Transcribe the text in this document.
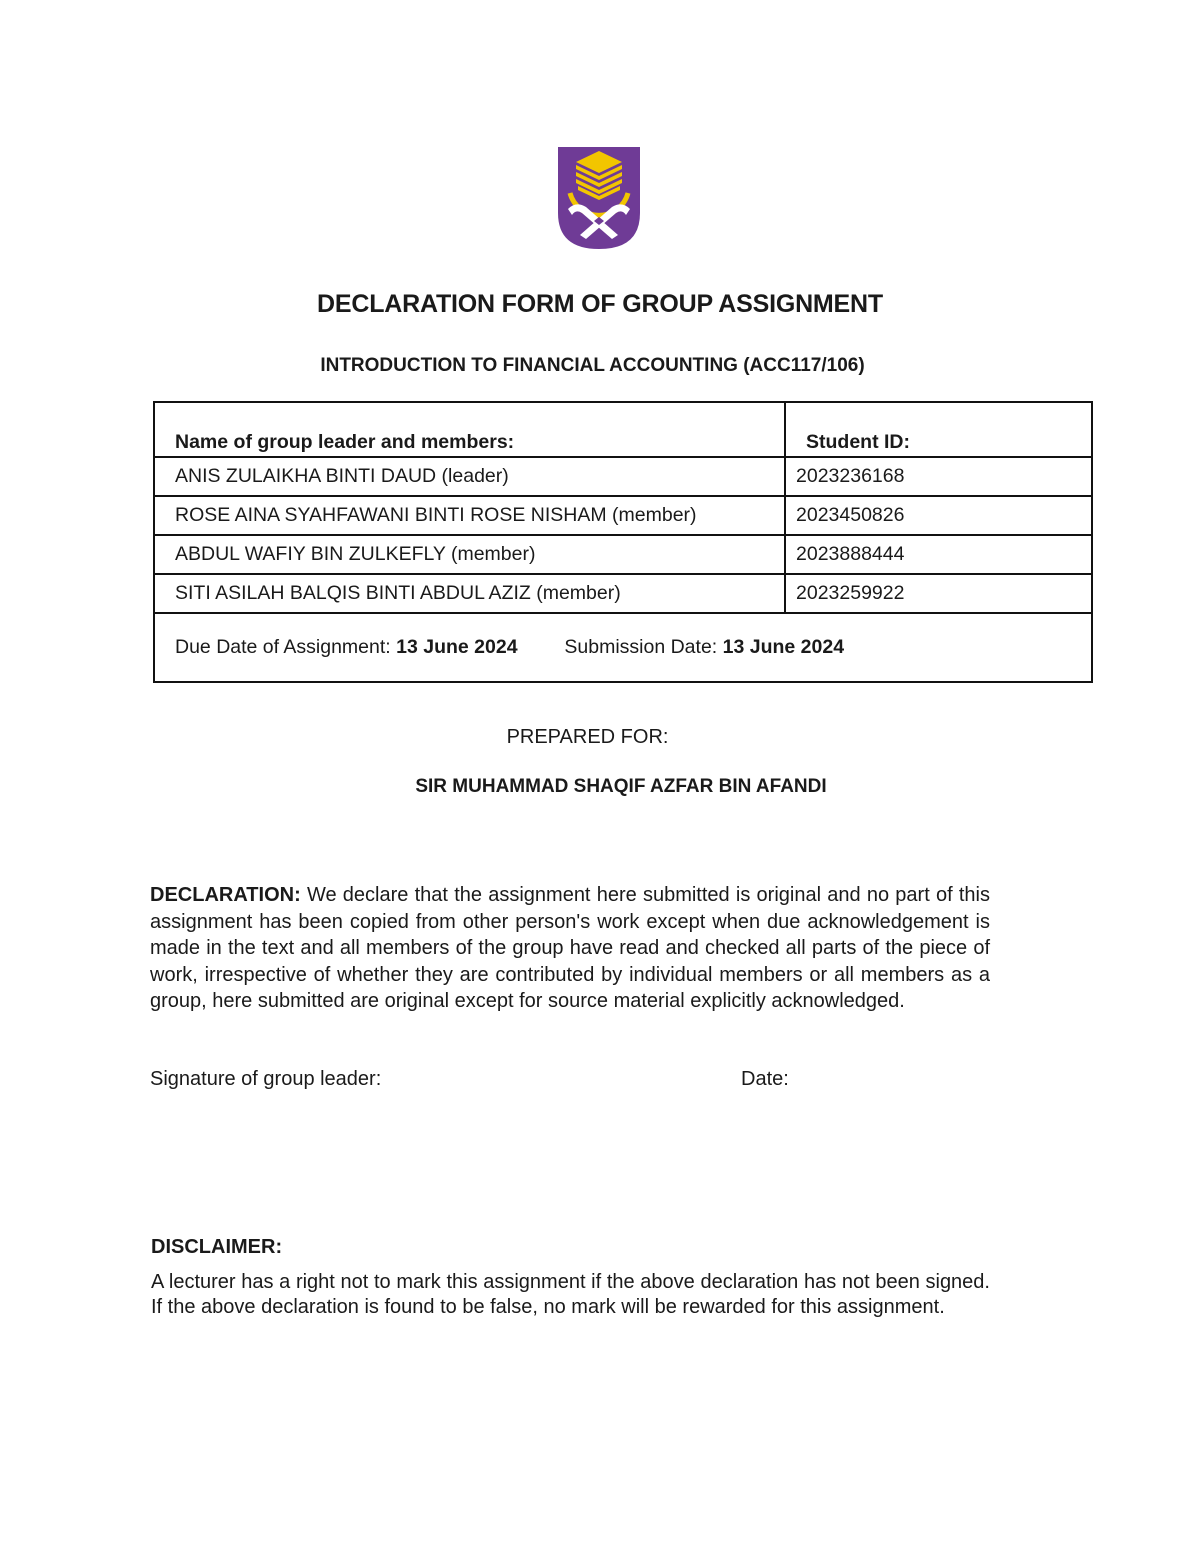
DECLARATION FORM OF GROUP ASSIGNMENT
INTRODUCTION TO FINANCIAL ACCOUNTING (ACC117/106)
Name of group leader and members:	Student ID:
ANIS ZULAIKHA BINTI DAUD (leader)	2023236168
ROSE AINA SYAHFAWANI BINTI ROSE NISHAM (member)	2023450826
ABDUL WAFIY BIN ZULKEFLY (member)	2023888444
SITI ASILAH BALQIS BINTI ABDUL AZIZ (member)	2023259922
Due Date of Assignment: 13 June 2024 Submission Date: 13 June 2024	
PREPARED FOR:
SIR MUHAMMAD SHAQIF AZFAR BIN AFANDI
DECLARATION: We declare that the assignment here submitted is original and no part of this assignment has been copied from other person's work except when due acknowledgement is made in the text and all members of the group have read and checked all parts of the piece of work, irrespective of whether they are contributed by individual members or all members as a group, here submitted are original except for source material explicitly acknowledged.
Signature of group leader:	Date:
DISCLAIMER:
A lecturer has a right not to mark this assignment if the above declaration has not been signed. If the above declaration is found to be false, no mark will be rewarded for this assignment.
